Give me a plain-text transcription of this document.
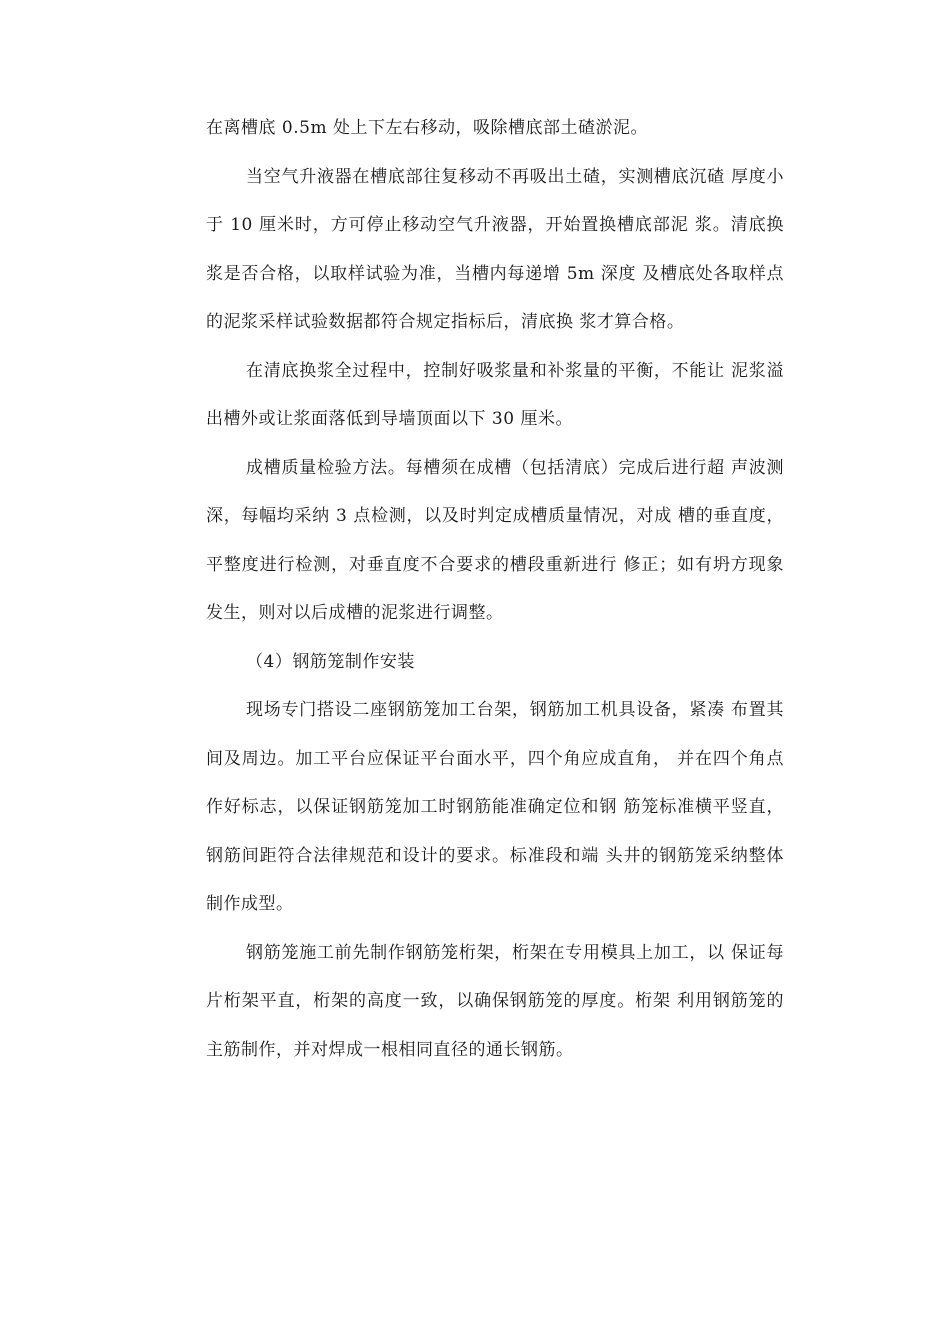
在离槽底 0.5m 处上下左右移动，吸除槽底部土碴淤泥。

当空气升液器在槽底部往复移动不再吸出土碴，实测槽底沉碴 厚度小于 10 厘米时，方可停止移动空气升液器，开始置换槽底部泥 浆。清底换浆是否合格，以取样试验为准，当槽内每递增 5m 深度 及槽底处各取样点的泥浆采样试验数据都符合规定指标后，清底换 浆才算合格。

在清底换浆全过程中，控制好吸浆量和补浆量的平衡，不能让 泥浆溢出槽外或让浆面落低到导墙顶面以下 30 厘米。

成槽质量检验方法。每槽须在成槽（包括清底）完成后进行超 声波测深，每幅均采纳 3 点检测，以及时判定成槽质量情况，对成 槽的垂直度，平整度进行检测，对垂直度不合要求的槽段重新进行 修正；如有坍方现象发生，则对以后成槽的泥浆进行调整。

（4）钢筋笼制作安装

现场专门搭设二座钢筋笼加工台架，钢筋加工机具设备，紧凑 布置其间及周边。加工平台应保证平台面水平，四个角应成直角， 并在四个角点作好标志，以保证钢筋笼加工时钢筋能准确定位和钢 筋笼标准横平竖直，钢筋间距符合法律规范和设计的要求。标准段和端 头井的钢筋笼采纳整体制作成型。

钢筋笼施工前先制作钢筋笼桁架，桁架在专用模具上加工，以 保证每片桁架平直，桁架的高度一致，以确保钢筋笼的厚度。桁架 利用钢筋笼的主筋制作，并对焊成一根相同直径的通长钢筋。
